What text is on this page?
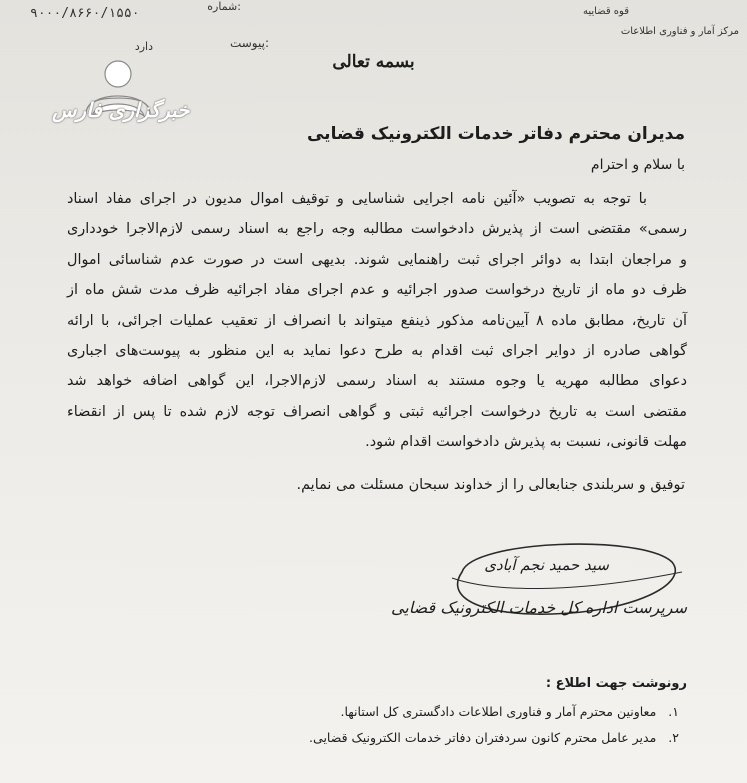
قوه قضاییه
مرکز آمار و فناوری اطلاعات
شماره:
۹۰۰۰/۸۶۶۰/۱۵۵۰
پیوست:
دارد
بسمه تعالی
خبرگزاری فارس
مدیران محترم دفاتر خدمات الکترونیک قضایی
با سلام و احترام
با توجه به تصویب «آئین نامه اجرایی شناسایی و توقیف اموال مدیون در اجرای مفاد اسناد
رسمی» مقتضی است از پذیرش دادخواست مطالبه وجه راجع به اسناد رسمی لازم‌الاجرا خودداری
و مراجعان ابتدا به دوائر اجرای ثبت راهنمایی شوند. بدیهی است در صورت عدم شناسائی اموال
ظرف دو ماه از تاریخ درخواست صدور اجرائیه و عدم اجرای مفاد اجرائیه ظرف مدت شش ماه از
آن تاریخ، مطابق ماده ۸ آیین‌نامه مذکور ذینفع میتواند با انصراف از تعقیب عملیات اجرائی، با ارائه
گواهی صادره از دوایر اجرای ثبت اقدام به طرح دعوا نماید به این منظور به پیوست‌های اجباری
دعوای مطالبه مهریه یا وجوه مستند به اسناد رسمی لازم‌الاجرا، این گواهی اضافه خواهد شد
مقتضی است به تاریخ درخواست اجرائیه ثبتی و گواهی انصراف توجه لازم شده تا پس از انقضاء
مهلت قانونی، نسبت به پذیرش دادخواست اقدام شود.
توفیق و سربلندی جنابعالی را از خداوند سبحان مسئلت می نمایم.
سید حمید نجم آبادی
سرپرست اداره کل خدمات الکترونیک قضایی
رونوشت جهت اطلاع :
۱.
معاونین محترم آمار و فناوری اطلاعات دادگستری کل استانها.
۲.
مدیر عامل محترم کانون سردفتران دفاتر خدمات الکترونیک قضایی.
